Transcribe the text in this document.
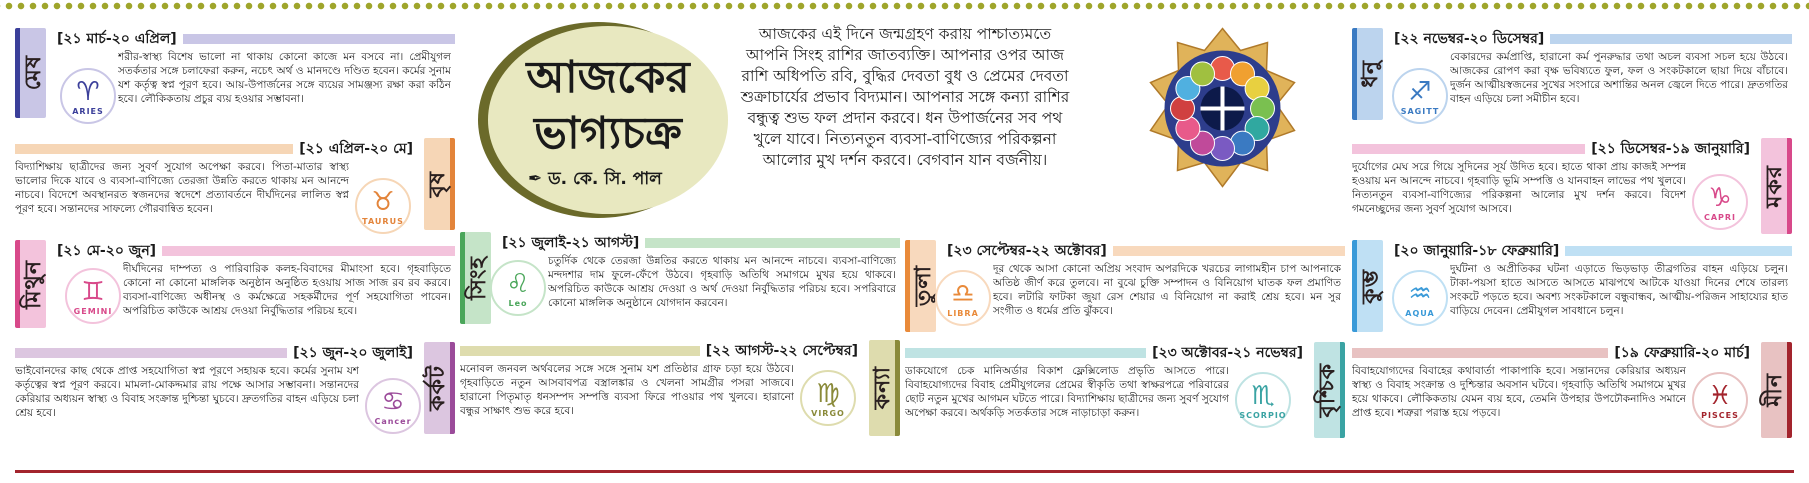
আজকের
ভাগ্যচক্র
✒ ড. কে. সি. পাল
আজকের এই দিনে জন্মগ্রহণ করায় পাশ্চাত্যমতে আপনি সিংহ রাশির জাতব্যক্তি। আপনার ওপর আজ রাশি অধিপতি রবি, বুদ্ধির দেবতা বুধ ও প্রেমের দেবতা শুক্রাচার্যের প্রভাব বিদ্যমান। আপনার সঙ্গে কন্যা রাশির বন্ধুত্ব শুভ ফল প্রদান করবে। ধন উপার্জনের সব পথ খুলে যাবে। নিত্যনতুন ব্যবসা-বাণিজ্যের পরিকল্পনা আলোর মুখ দর্শন করবে। বেগবান যান বর্জনীয়।
মেষ
[২১ মার্চ-২০ এপ্রিল]
♈
ARIES
শরীর-স্বাস্থ্য বিশেষ ভালো না থাকায় কোনো কাজে মন বসবে না। প্রেমীযুগল সতর্কতার সঙ্গে চলাফেরা করুন, নচেৎ অর্থ ও মানদণ্ডে দণ্ডিত হবেন। কর্মের সুনাম যশ কর্তৃত্ব স্বপ্ন পূরণ হবে। আয়-উপার্জনের সঙ্গে ব্যয়ের সামঞ্জস্য রক্ষা করা কঠিন হবে। লৌকিকতায় প্রচুর ব্যয় হওয়ার সম্ভাবনা।
বৃষ
[২১ এপ্রিল-২০ মে]
♉
TAURUS
বিদ্যাশিক্ষায় ছাত্রীদের জন্য সুবর্ণ সুযোগ অপেক্ষা করবে। পিতা-মাতার স্বাস্থ্য ভালোর দিকে যাবে ও ব্যবসা-বাণিজ্যে তেরজা উন্নতি করতে থাকায় মন আনন্দে নাচবে। বিদেশে অবস্থানরত স্বজনদের স্বদেশে প্রত্যাবর্তনে দীর্ঘদিনের লালিত স্বপ্ন পূরণ হবে। সন্তানদের সাফল্যে গৌরবান্বিত হবেন।
মিথুন
[২১ মে-২০ জুন]
♊
GEMINI
দীর্ঘদিনের দাম্পত্য ও পারিবারিক কলহ-বিবাদের মীমাংসা হবে। গৃহবাড়িতে কোনো না কোনো মাঙ্গলিক অনুষ্ঠান অনুষ্ঠিত হওয়ায় সাজ সাজ রব রব করবে। ব্যবসা-বাণিজ্যে অধীনস্থ ও কর্মক্ষেত্রে সহকর্মীদের পূর্ণ সহযোগিতা পাবেন। অপরিচিত কাউকে আশ্রয় দেওয়া নির্বুদ্ধিতার পরিচয় হবে।
কর্কট
[২১ জুন-২০ জুলাই]
♋
Cancer
ভাইবোনদের কাছ থেকে প্রাপ্ত সহযোগিতা স্বপ্ন পূরণে সহায়ক হবে। কর্মের সুনাম যশ কর্তৃত্বের স্বপ্ন পূরণ করবে। মামলা-মোকদ্দমার রায় পক্ষে আসার সম্ভাবনা। সন্তানদের কেরিয়ার অধ্যয়ন স্বাস্থ্য ও বিবাহ সংক্রান্ত দুশ্চিন্তা ঘুচবে। দ্রুতগতির বাহন এড়িয়ে চলা শ্রেয় হবে।
সিংহ
[২১ জুলাই-২১ আগস্ট]
♌
Leo
চতুর্দিক থেকে তেরজা উন্নতির করতে থাকায় মন আনন্দে নাচবে। ব্যবসা-বাণিজ্যে মন্দদশার দাম ফুলে-ফেঁপে উঠবে। গৃহবাড়ি অতিথি সমাগমে মুখর হয়ে থাকবে। অপরিচিত কাউকে আশ্রয় দেওয়া ও অর্থ দেওয়া নির্বুদ্ধিতার পরিচয় হবে। সপরিবারে কোনো মাঙ্গলিক অনুষ্ঠানে যোগদান করবেন।
কন্যা
[২২ আগস্ট-২২ সেপ্টেম্বর]
♍
VIRGO
মনোবল জনবল অর্থবলের সঙ্গে সঙ্গে সুনাম যশ প্রতিষ্ঠার গ্রাফ চড়া হয়ে উঠবে। গৃহবাড়িতে নতুন আসবাবপত্র বস্ত্রালঙ্কার ও খেলনা সামগ্রীর পসরা সাজবে। হারানো পিতৃমাতৃ ধনসম্পদ সম্পত্তি ব্যবসা ফিরে পাওয়ার পথ খুলবে। হারানো বন্ধুর সাক্ষাৎ শুভ করে হবে।
তুলা
[২৩ সেপ্টেম্বর-২২ অক্টোবর]
♎
LIBRA
দূর থেকে আসা কোনো অপ্রিয় সংবাদ অপরদিকে খরচের লাগামহীন চাপ আপনাকে অতিষ্ঠ জীর্ণ করে তুলবে। না বুঝে চুক্তি সম্পাদন ও বিনিয়োগ ঘাতক ফল প্রমাণিত হবে। লটারি ফাটকা জুয়া রেস শেয়ার এ বিনিয়োগ না করাই শ্রেয় হবে। মন সুর সংগীত ও ধর্মের প্রতি ঝুঁকবে।
বৃশ্চিক
[২৩ অক্টোবর-২১ নভেম্বর]
♏
SCORPIO
ডাকযোগে চেক মানিঅর্ডার বিকাশ ফ্লেক্সিলোড প্রভৃতি আসতে পারে। বিবাহযোগ্যদের বিবাহ প্রেমীযুগলের প্রেমের স্বীকৃতি তথা স্বাক্ষরপত্রে পরিবারের ছোট নতুন মুখের আগমন ঘটতে পারে। বিদ্যাশিক্ষায় ছাত্রীদের জন্য সুবর্ণ সুযোগ অপেক্ষা করবে। অর্থকড়ি সতর্কতার সঙ্গে নাড়াচাড়া করুন।
ধনু
[২২ নভেম্বর-২০ ডিসেম্বর]
♐
SAGITT
বেকারদের কর্মপ্রাপ্তি, হারানো কর্ম পুনরুদ্ধার তথা অচল ব্যবসা সচল হয়ে উঠবে। আজকের রোপণ করা বৃক্ষ ভবিষ্যতে ফুল, ফল ও সংকটকালে ছায়া দিয়ে বাঁচাবে। দুর্জন আত্মীয়স্বজনের সুখের সংসারে অশান্তির অনল জ্বেলে দিতে পারে। দ্রুতগতির বাহন এড়িয়ে চলা সমীচীন হবে।
মকর
[২১ ডিসেম্বর-১৯ জানুয়ারি]
♑
CAPRI
দুর্যোগের মেঘ সরে গিয়ে সুদিনের সূর্য উদিত হবে। হাতে থাকা প্রায় কাজই সম্পন্ন হওয়ায় মন আনন্দে নাচবে। গৃহবাড়ি ভূমি সম্পত্তি ও যানবাহন লাভের পথ খুলবে। নিত্যনতুন ব্যবসা-বাণিজ্যের পরিকল্পনা আলোর মুখ দর্শন করবে। বিদেশ গমনেচ্ছুদের জন্য সুবর্ণ সুযোগ আসবে।
কুম্ভ
[২০ জানুয়ারি-১৮ ফেব্রুয়ারি]
♒
AQUA
দুর্ঘটনা ও অপ্রীতিকর ঘটনা এড়াতে ভিড়ভাড় তীব্রগতির বাহন এড়িয়ে চলুন। টাকা-পয়সা হাতে আসতে আসতে মাঝপথে আটকে যাওয়া দিনের শেষে তারল্য সংকটে পড়তে হবে। অবশ্য সংকটকালে বন্ধুবান্ধব, আত্মীয়-পরিজন সাহায্যের হাত বাড়িয়ে দেবেন। প্রেমীযুগল সাবধানে চলুন।
মীন
[১৯ ফেব্রুয়ারি-২০ মার্চ]
♓
PISCES
বিবাহযোগ্যদের বিবাহের কথাবার্তা পাকাপাকি হবে। সন্তানদের কেরিয়ার অধ্যয়ন স্বাস্থ্য ও বিবাহ সংক্রান্ত ও দুশ্চিন্তার অবসান ঘটবে। গৃহবাড়ি অতিথি সমাগমে মুখর হয়ে থাকবে। লৌকিকতায় যেমন ব্যয় হবে, তেমনি উপহার উপঢৌকনাদিও সমানে প্রাপ্ত হবে। শত্রুরা পরাস্ত হয়ে পড়বে।
